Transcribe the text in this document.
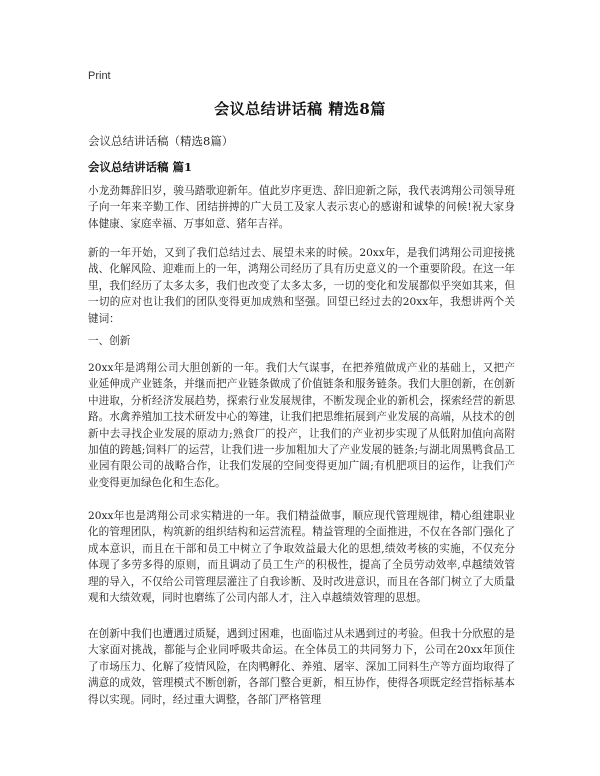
Print
会议总结讲话稿 精选8篇
会议总结讲话稿（精选8篇）
会议总结讲话稿 篇1

小龙劲舞辞旧岁，骏马踏歌迎新年。值此岁序更迭、辞旧迎新之际，我代表鸿翔公司领导班子向一年来辛勤工作、团结拼搏的广大员工及家人表示衷心的感谢和诚挚的问候!祝大家身体健康、家庭幸福、万事如意、猪年吉祥。

新的一年开始，又到了我们总结过去、展望未来的时候。20xx年，是我们鸿翔公司迎接挑战、化解风险、迎难而上的一年，鸿翔公司经历了具有历史意义的一个重要阶段。在这一年里，我们经历了太多太多，我们也改变了太多太多，一切的变化和发展都似乎突如其来，但一切的应对也让我们的团队变得更加成熟和坚强。回望已经过去的20xx年，我想讲两个关键词：

一、创新

20xx年是鸿翔公司大胆创新的一年。我们大气谋事，在把养殖做成产业的基础上，又把产业延伸成产业链条，并继而把产业链条做成了价值链条和服务链条。我们大胆创新，在创新中进取，分析经济发展趋势，探索行业发展规律，不断发现企业的新机会，探索经营的新思路。水禽养殖加工技术研发中心的筹建，让我们把思维拓展到产业发展的高端，从技术的创新中去寻找企业发展的原动力;熟食厂的投产，让我们的产业初步实现了从低附加值向高附加值的跨越;饲料厂的运营，让我们进一步加粗加大了产业发展的链条;与湖北周黑鸭食品工业园有限公司的战略合作，让我们发展的空间变得更加广阔;有机肥项目的运作，让我们产业变得更加绿色化和生态化。

20xx年也是鸿翔公司求实精进的一年。我们精益做事，顺应现代管理规律，精心组建职业化的管理团队，构筑新的组织结构和运营流程。精益管理的全面推进，不仅在各部门强化了成本意识，而且在干部和员工中树立了争取效益最大化的思想,绩效考核的实施，不仅充分体现了多劳多得的原则，而且调动了员工生产的积极性，提高了全员劳动效率,卓越绩效管理的导入，不仅给公司管理层灌注了自我诊断、及时改进意识，而且在各部门树立了大质量观和大绩效观，同时也磨练了公司内部人才，注入卓越绩效管理的思想。

在创新中我们也遭遇过质疑，遇到过困难，也面临过从未遇到过的考验。但我十分欣慰的是大家面对挑战，都能与企业同呼吸共命运。在全体员工的共同努力下，公司在20xx年顶住了市场压力、化解了疫情风险，在肉鸭孵化、养殖、屠宰、深加工同料生产等方面均取得了满意的成效，管理模式不断创新，各部门整合更新，相互协作，使得各项既定经营指标基本得以实现。同时，经过重大调整，各部门严格管理
